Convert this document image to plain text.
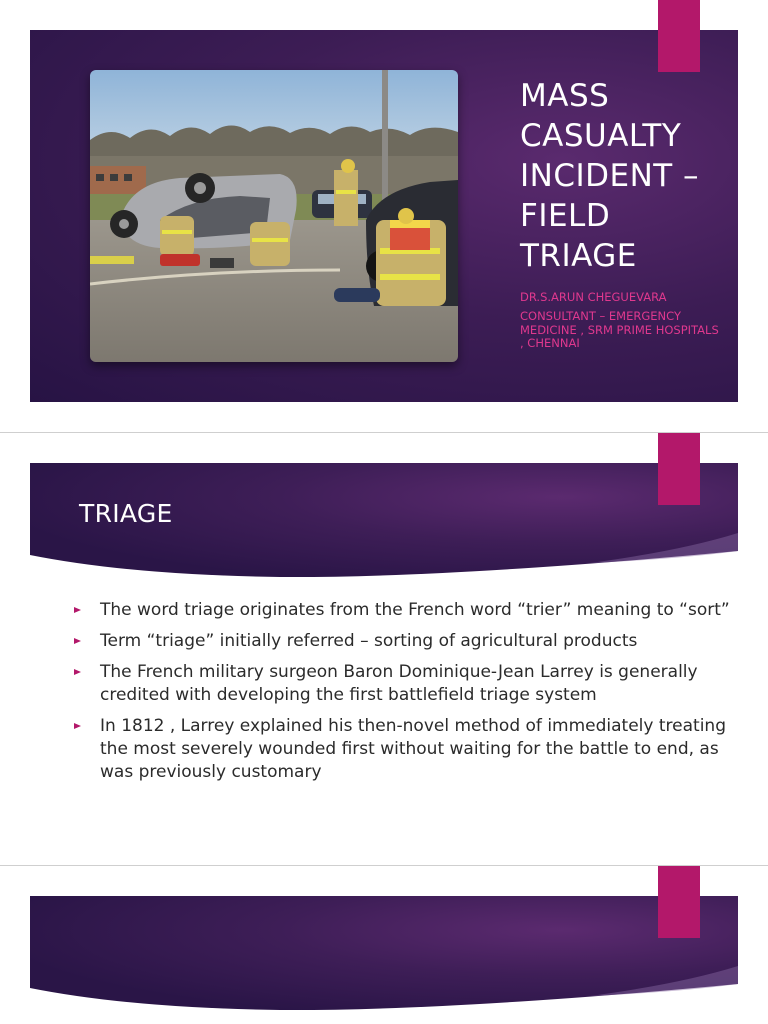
MASS
CASUALTY
INCIDENT –
FIELD
TRIAGE
DR.S.ARUN CHEGUEVARA
CONSULTANT – EMERGENCY MEDICINE , SRM PRIME HOSPITALS , CHENNAI
TRIAGE
The word triage originates from the French word “trier” meaning to “sort”
Term “triage” initially referred – sorting of agricultural products
The French military surgeon Baron Dominique-Jean Larrey is generally credited with developing the first battlefield triage system
In 1812 , Larrey explained his then-novel method of immediately treating the most severely wounded first without waiting for the battle to end, as was previously customary
